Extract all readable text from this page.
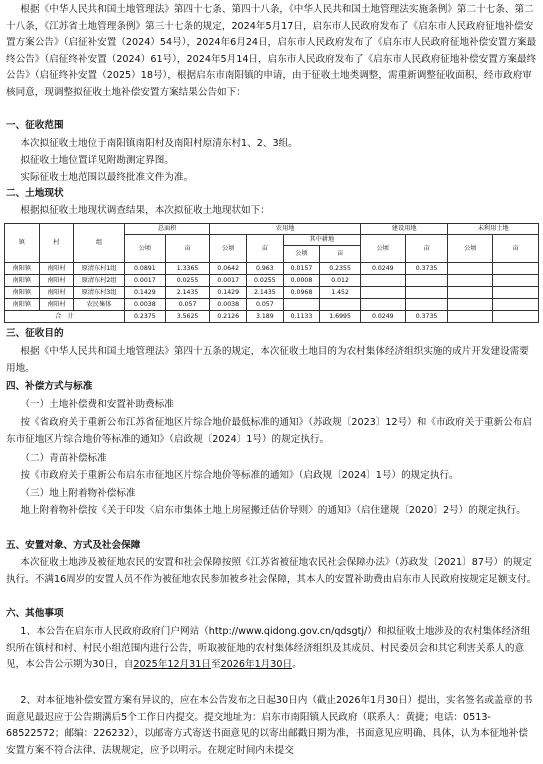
根据《中华人民共和国土地管理法》第四十七条、第四十八条，《中华人民共和国土地管理法实施条例》第二十七条、第二十八条，《江苏省土地管理条例》第三十七条的规定，2024年5月17日，启东市人民政府发布了《启东市人民政府征地补偿安置方案公告》（启征补安置（2024）54号），2024年6月24日，启东市人民政府发布了《启东市人民政府征地补偿安置方案最终公告》（启征终补安置（2024）61号），2024年5月14日，启东市人民政府发布了《启东市人民政府征地补偿安置方案最终公告》（启征终补安置（2025）18号），根据启东市南阳镇的申请，由于征收土地类调整，需重新调整征收面积，经市政府审核同意，现调整拟征收土地补偿安置方案结果公告如下：

一、征收范围

本次拟征收土地位于南阳镇南阳村及南阳村原清东村1、2、3组。

拟征收土地位置详见附勘测定界图。

实际征收土地范围以最终批准文件为准。

二、土地现状

根据拟征收土地现状调查结果，本次拟征收土地现状如下：

镇	村	组	总面积		农用地				建设用地		未利用土地	
			公顷	亩	公顷	亩	其中耕地		公顷	亩	公顷	亩
							公顷	亩				
南阳镇	南阳村	原清东村1组	0.0891	1.3365	0.0642	0.963	0.0157	0.2355	0.0249	0.3735		
南阳镇	南阳村	原清东村2组	0.0017	0.0255	0.0017	0.0255	0.0008	0.012				
南阳镇	南阳村	原清东村3组	0.1429	2.1435	0.1429	2.1435	0.0968	1.452				
南阳镇	南阳村	农民集体	0.0038	0.057	0.0038	0.057						
合　计			0.2375	3.5625	0.2126	3.189	0.1133	1.6995	0.0249	0.3735		

三、征收目的

根据《中华人民共和国土地管理法》第四十五条的规定，本次征收土地目的为农村集体经济组织实施的成片开发建设需要用地。

四、补偿方式与标准

（一）土地补偿费和安置补助费标准

按《省政府关于重新公布江苏省征地区片综合地价最低标准的通知》（苏政规〔2023〕12号）和《市政府关于重新公布启东市征地区片综合地价等标准的通知》（启政规〔2024〕1号）的规定执行。

（二）青苗补偿标准

按《市政府关于重新公布启东市征地区片综合地价等标准的通知》（启政规〔2024〕1号）的规定执行。

（三）地上附着物补偿标准

地上附着物补偿按《关于印发〈启东市集体土地上房屋搬迁估价导则〉的通知》（启住建规〔2020〕2号）的规定执行。

五、安置对象、方式及社会保障

本次征收土地涉及被征地农民的安置和社会保障按照《江苏省被征地农民社会保障办法》（苏政发〔2021〕87号）的规定执行。不满16周岁的安置人员不作为被征地农民参加被乡社会保障，其本人的安置补助费由启东市人民政府按规定足额支付。

六、其他事项

1、本公告在启东市人民政府政府门户网站（http://www.qidong.gov.cn/qdsgtj/）和拟征收土地涉及的农村集体经济组织所在镇村和村、村民小组范围内进行公告，听取被征地的农村集体经济组织及其成员、村民委员会和其它利害关系人的意见，本公告公示期为30日，自2025年12月31日至2026年1月30日。

2、对本征地补偿安置方案有异议的，应在本公告发布之日起30日内（截止2026年1月30日）提出，实名签名或盖章的书面意见最迟应于公告期满后5个工作日内提交。提交地址为：启东市南阳镇人民政府（联系人：黄捷；电话：0513-68522572；邮编：226232），以邮寄方式寄送书面意见的以寄出邮戳日期为准，书面意见应明确、具体，认为本征地补偿安置方案不符合法律、法规规定，应予以明示。在规定时间内未提交
